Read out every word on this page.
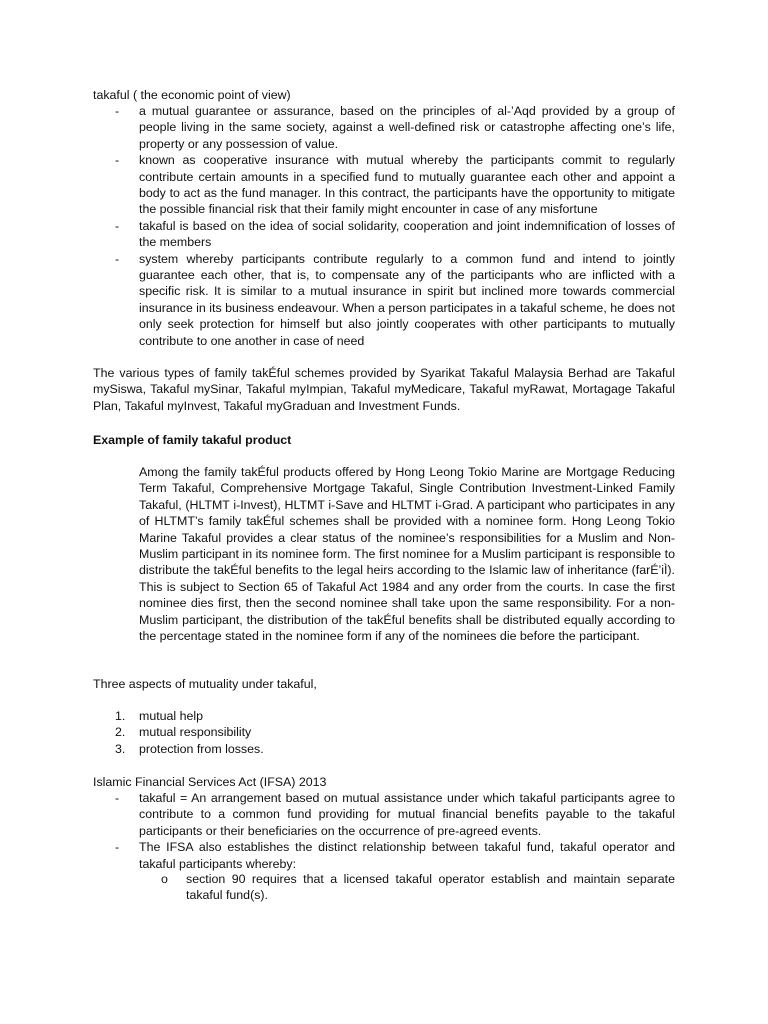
takaful ( the economic point of view)
- a mutual guarantee or assurance, based on the principles of al-’Aqd provided by a group of people living in the same society, against a well-defined risk or catastrophe affecting one’s life, property or any possession of value.
- known as cooperative insurance with mutual whereby the participants commit to regularly contribute certain amounts in a specified fund to mutually guarantee each other and appoint a body to act as the fund manager. In this contract, the participants have the opportunity to mitigate the possible financial risk that their family might encounter in case of any misfortune
- takaful is based on the idea of social solidarity, cooperation and joint indemnification of losses of the members
- system whereby participants contribute regularly to a common fund and intend to jointly guarantee each other, that is, to compensate any of the participants who are inflicted with a specific risk. It is similar to a mutual insurance in spirit but inclined more towards commercial insurance in its business endeavour. When a person participates in a takaful scheme, he does not only seek protection for himself but also jointly cooperates with other participants to mutually contribute to one another in case of need

The various types of family takÉful schemes provided by Syarikat Takaful Malaysia Berhad are Takaful mySiswa, Takaful mySinar, Takaful myImpian, Takaful myMedicare, Takaful myRawat, Mortagage Takaful Plan, Takaful myInvest, Takaful myGraduan and Investment Funds.

Example of family takaful product

Among the family takÉful products offered by Hong Leong Tokio Marine are Mortgage Reducing Term Takaful, Comprehensive Mortgage Takaful, Single Contribution Investment-Linked Family Takaful, (HLTMT i-Invest), HLTMT i-Save and HLTMT i-Grad. A participant who participates in any of HLTMT’s family takÉful schemes shall be provided with a nominee form. Hong Leong Tokio Marine Takaful provides a clear status of the nominee’s responsibilities for a Muslim and Non-Muslim participant in its nominee form. The first nominee for a Muslim participant is responsible to distribute the takÉful benefits to the legal heirs according to the Islamic law of inheritance (farÉ’iÌ). This is subject to Section 65 of Takaful Act 1984 and any order from the courts. In case the first nominee dies first, then the second nominee shall take upon the same responsibility. For a non-Muslim participant, the distribution of the takÉful benefits shall be distributed equally according to the percentage stated in the nominee form if any of the nominees die before the participant.

Three aspects of mutuality under takaful,
1. mutual help
2. mutual responsibility
3. protection from losses.
Islamic Financial Services Act (IFSA) 2013
- takaful = An arrangement based on mutual assistance under which takaful participants agree to contribute to a common fund providing for mutual financial benefits payable to the takaful participants or their beneficiaries on the occurrence of pre-agreed events.
- The IFSA also establishes the distinct relationship between takaful fund, takaful operator and takaful participants whereby:
o section 90 requires that a licensed takaful operator establish and maintain separate takaful fund(s).
